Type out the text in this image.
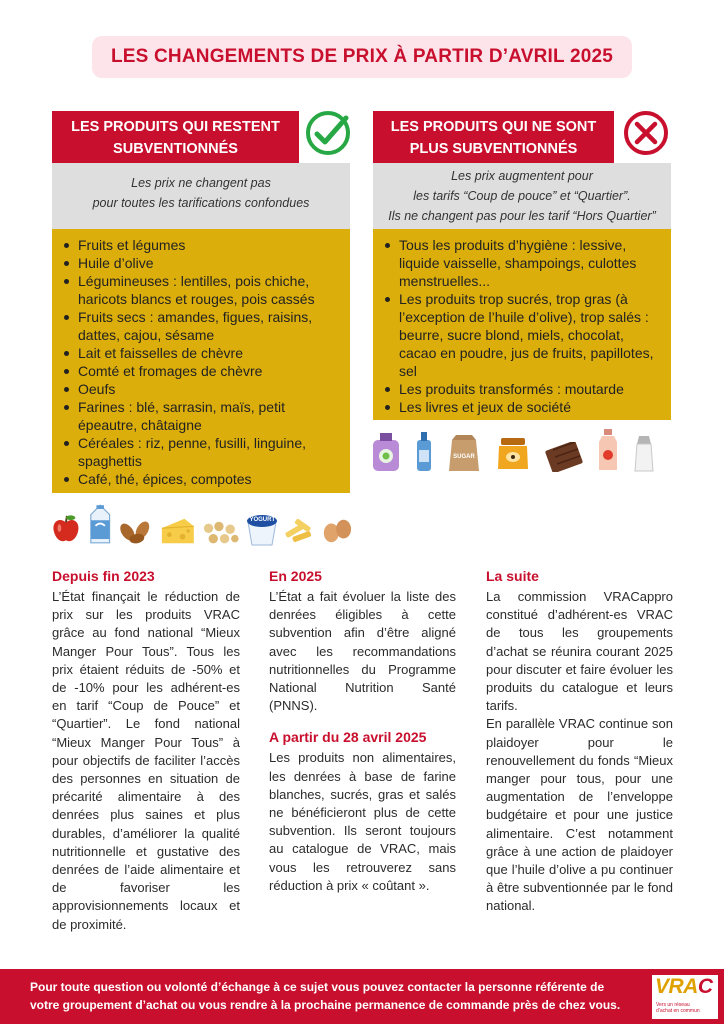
LES CHANGEMENTS DE PRIX À PARTIR D’AVRIL 2025
LES PRODUITS QUI RESTENT
SUBVENTIONNÉS
Les prix ne changent pas
pour toutes les tarifications confondues
Fruits et légumes
Huile d’olive
Légumineuses : lentilles, pois chiche, haricots blancs et rouges, pois cassés
Fruits secs : amandes, figues, raisins, dattes, cajou, sésame
Lait et faisselles de chèvre
Comté et fromages de chèvre
Oeufs
Farines : blé, sarrasin, maïs, petit épeautre, châtaigne
Céréales : riz, penne, fusilli, linguine, spaghettis
Café, thé, épices, compotes
YOGURT
LES PRODUITS QUI NE SONT
PLUS SUBVENTIONNÉS
Les prix augmentent pour
les tarifs “Coup de pouce” et “Quartier”.
Ils ne changent pas pour les tarif “Hors Quartier”
Tous les produits d’hygiène : lessive, liquide vaisselle, shampoings, culottes menstruelles...
Les produits trop sucrés, trop gras (à l’exception de l’huile d’olive), trop salés : beurre, sucre blond, miels, chocolat, cacao en poudre, jus de fruits, papillotes, sel
Les produits transformés : moutarde
Les livres et jeux de société
SUGAR
Depuis fin 2023

L’État finançait le réduction de prix sur les produits VRAC grâce au fond national “Mieux Manger Pour Tous”. Tous les prix étaient réduits de -50% et de -10% pour les adhérent-es en tarif “Coup de Pouce” et “Quartier”. Le fond national “Mieux Manger Pour Tous” à pour objectifs de faciliter l’accès des personnes en situation de précarité alimentaire à des denrées plus saines et plus durables, d’améliorer la qualité nutritionnelle et gustative des denrées de l’aide alimentaire et de favoriser les approvisionnements locaux et de proximité.

En 2025

L’État a fait évoluer la liste des denrées éligibles à cette subvention afin d’être aligné avec les recommandations nutritionnelles du Programme National Nutrition Santé (PNNS).

A partir du 28 avril 2025

Les produits non alimentaires, les denrées à base de farine blanches, sucrés, gras et salés ne bénéficieront plus de cette subvention. Ils seront toujours au catalogue de VRAC, mais vous les retrouverez sans réduction à prix « coûtant ».

La suite

La commission VRACappro constitué d’adhérent-es VRAC de tous les groupements d’achat se réunira courant 2025 pour discuter et faire évoluer les produits du catalogue et leurs tarifs.

En parallèle VRAC continue son plaidoyer pour le renouvellement du fonds “Mieux manger pour tous, pour une augmentation de l’enveloppe budgétaire et pour une justice alimentaire. C’est notamment grâce à une action de plaidoyer que l’huile d’olive a pu continuer à être subventionnée par le fond national.

Pour toute question ou volonté d’échange à ce sujet vous pouvez contacter la personne référente de
votre groupement d’achat ou vous rendre à la prochaine permanence de commande près de chez vous.
VRAC
Vers un réseau
d’achat en commun
